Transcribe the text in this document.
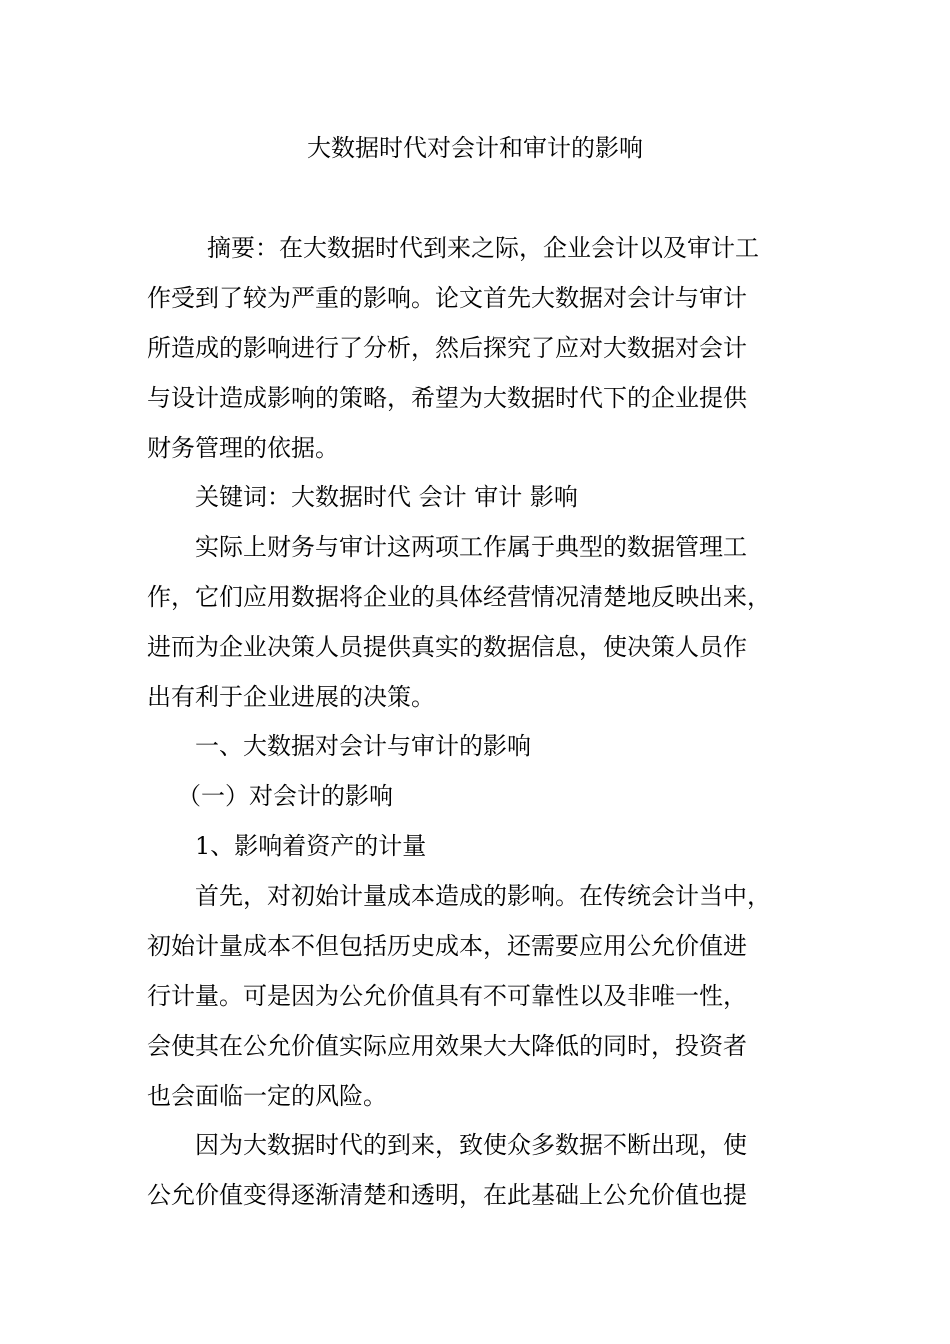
大数据时代对会计和审计的影响
摘要：在大数据时代到来之际，企业会计以及审计工
作受到了较为严重的影响。论文首先大数据对会计与审计
所造成的影响进行了分析，然后探究了应对大数据对会计
与设计造成影响的策略，希望为大数据时代下的企业提供
财务管理的依据。
关键词：大数据时代 会计 审计 影响
实际上财务与审计这两项工作属于典型的数据管理工
作，它们应用数据将企业的具体经营情况清楚地反映出来，
进而为企业决策人员提供真实的数据信息，使决策人员作
出有利于企业进展的决策。
一、大数据对会计与审计的影响
（一）对会计的影响
1、影响着资产的计量
首先，对初始计量成本造成的影响。在传统会计当中，
初始计量成本不但包括历史成本，还需要应用公允价值进
行计量。可是因为公允价值具有不可靠性以及非唯一性，
会使其在公允价值实际应用效果大大降低的同时，投资者
也会面临一定的风险。
因为大数据时代的到来，致使众多数据不断出现，使
公允价值变得逐渐清楚和透明，在此基础上公允价值也提
